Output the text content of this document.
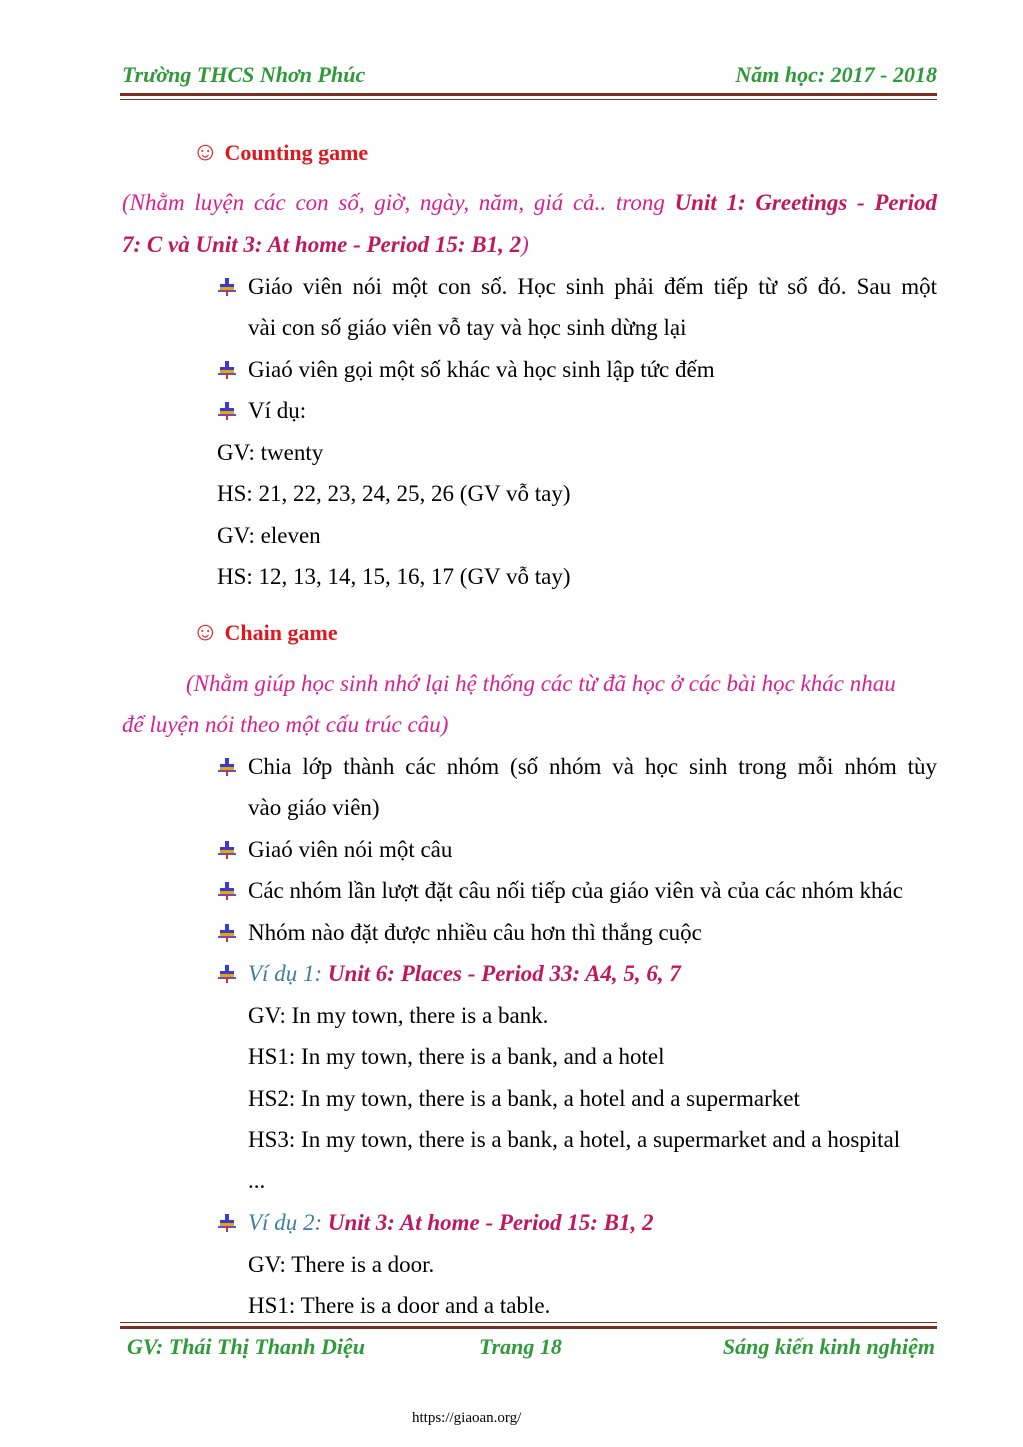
Trường THCS Nhơn Phúc	Năm học: 2017 - 2018
☺ Counting game
(Nhằm luyện các con số, giờ, ngày, năm, giá cả.. trong Unit 1: Greetings - Period
7: C và Unit 3: At home - Period 15: B1, 2)
Giáo viên nói một con số. Học sinh phải đếm tiếp từ số đó. Sau một
vài con số giáo viên vỗ tay và học sinh dừng lại
Giaó viên gọi một số khác và học sinh lập tức đếm
Ví dụ:
GV: twenty
HS: 21, 22, 23, 24, 25, 26 (GV vỗ tay)
GV: eleven
HS: 12, 13, 14, 15, 16, 17 (GV vỗ tay)
☺ Chain game
(Nhằm giúp học sinh nhớ lại hệ thống các từ đã học ở các bài học khác nhau
để luyện nói theo một cấu trúc câu)
Chia lớp thành các nhóm (số nhóm và học sinh trong mỗi nhóm tùy
vào giáo viên)
Giaó viên nói một câu
Các nhóm lần lượt đặt câu nối tiếp của giáo viên và của các nhóm khác
Nhóm nào đặt được nhiều câu hơn thì thắng cuộc
Ví dụ 1: Unit 6: Places - Period 33: A4, 5, 6, 7
GV: In my town, there is a bank.
HS1: In my town, there is a bank, and a hotel
HS2: In my town, there is a bank, a hotel and a supermarket
HS3: In my town, there is a bank, a hotel, a supermarket and a hospital
...
Ví dụ 2: Unit 3: At home - Period 15: B1, 2
GV: There is a door.
HS1: There is a door and a table.
GV: Thái Thị Thanh Diệu	Trang 18	Sáng kiến kinh nghiệm
https://giaoan.org/
